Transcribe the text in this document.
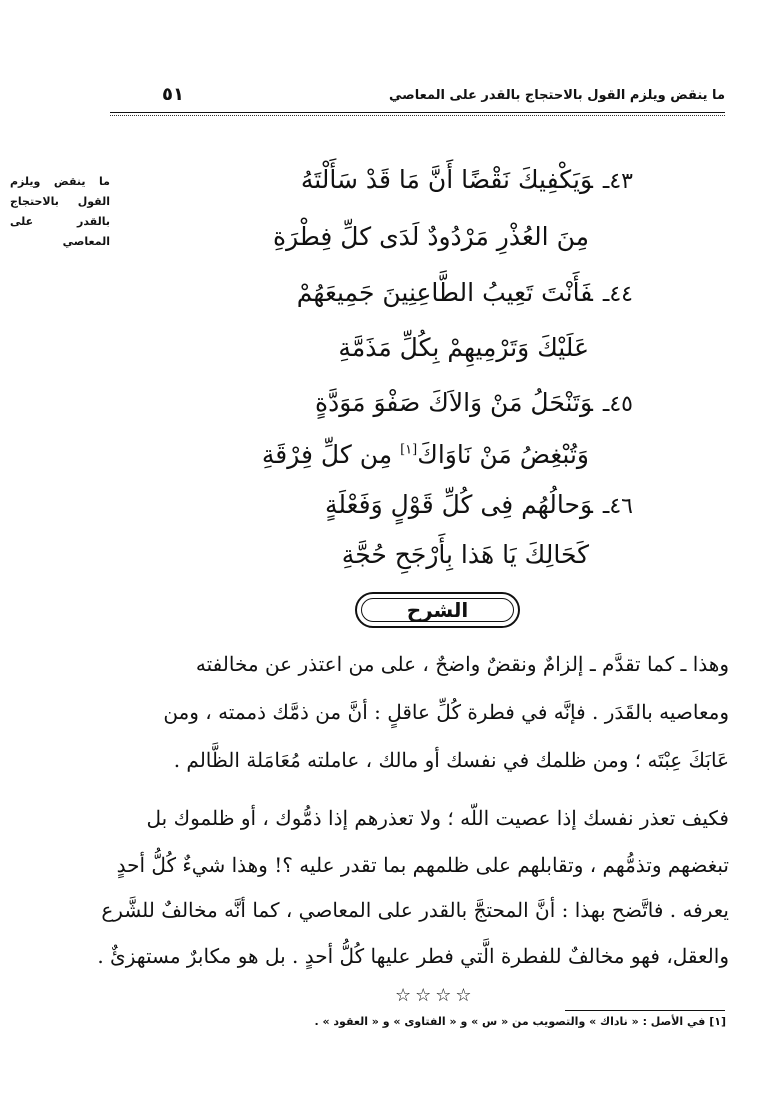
ما ينقض ويلزم القول بالاحتجاج بالقدر على المعاصي
٥١
ما ينقض ويلزم القول بالاحتجاج بالقدر على المعاصي
٤٣ـوَيَكْفِيكَ نَقْضًا أَنَّ مَا قَدْ سَأَلْتَهُ
مِنَ العُذْرِ مَرْدُودٌ لَدَى كلِّ فِطْرَةِ
٤٤ـفَأَنْتَ تَعِيبُ الطَّاعِنِينَ جَمِيعَهُمْ
عَلَيْكَ وَتَرْمِيهِمْ بِكُلِّ مَذَمَّةِ
٤٥ـوَتَنْحَلُ مَنْ وَالاَكَ صَفْوَ مَوَدَّةٍ
وَتُبْغِضُ مَنْ نَاوَاكَ[١] مِن كلِّ فِرْقَةِ
٤٦ـوَحالُهُم فِى كُلِّ قَوْلٍ وَفَعْلَةٍ
كَحَالِكَ يَا هَذا بِأَرْجَحِ حُجَّةِ
الشرح
وهذا ـ كما تقدَّم ـ إلزامٌ ونقضٌ واضحٌ ، على من اعتذر عن مخالفته
ومعاصيه بالقَدَر . فإنَّه في فطرة كُلِّ عاقلٍ : أنَّ من ذمَّك ذممته ، ومن
عَابَكَ عِبْتَه ؛ ومن ظلمك في نفسك أو مالك ، عاملته مُعَامَلة الظَّالم .
فكيف تعذر نفسك إذا عصيت اللّه ؛ ولا تعذرهم إذا ذمُّوك ، أو ظلموك بل
تبغضهم وتذمُّهم ، وتقابلهم على ظلمهم بما تقدر عليه ؟! وهذا شيءٌ كُلُّ أحدٍ
يعرفه . فاتَّضح بهذا : أنَّ المحتجَّ بالقدر على المعاصي ، كما أنَّه مخالفٌ للشَّرع
والعقل، فهو مخالفٌ للفطرة الَّتي فطر عليها كُلُّ أحدٍ . بل هو مكابرٌ مستهزئٌ .
☆☆☆☆
[١] في الأصل : « ناداك » والتصويب من « س » و « الفتاوى » و « العقود » .
